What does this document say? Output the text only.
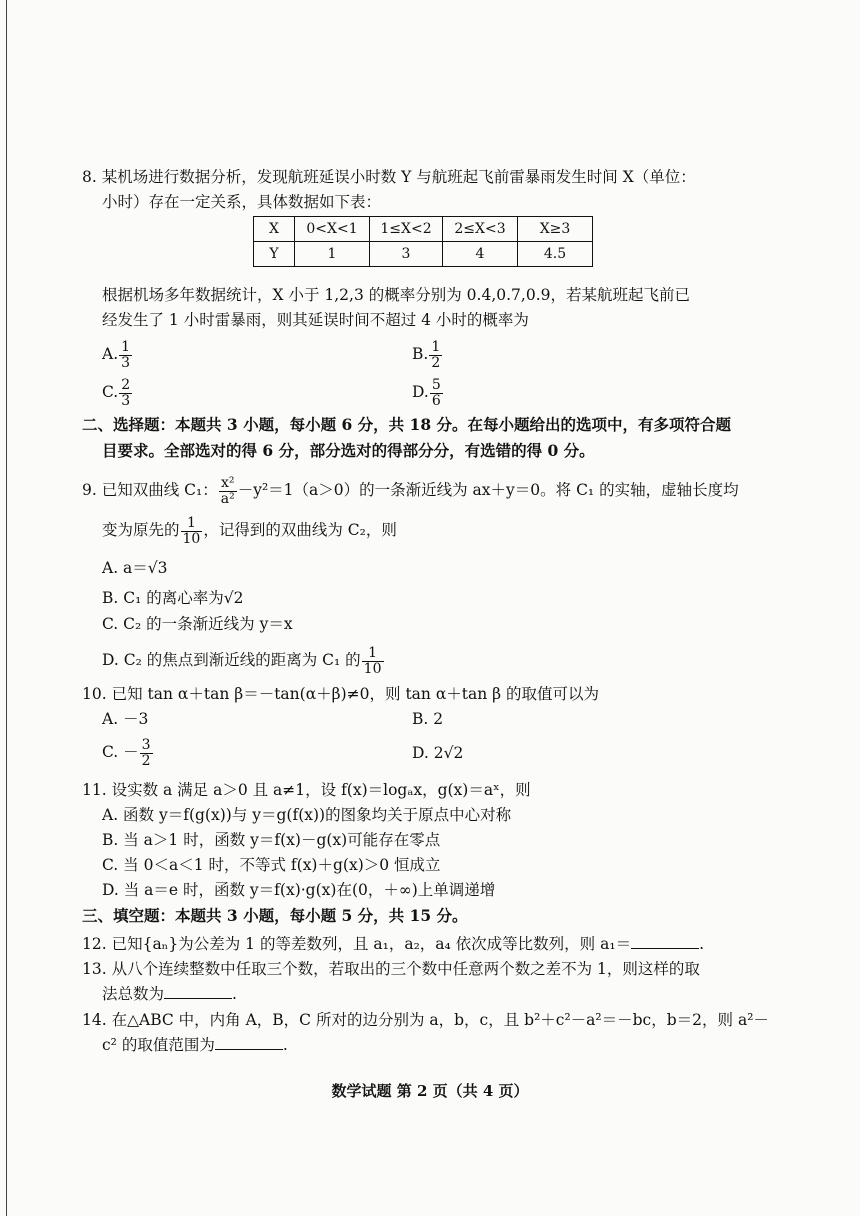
8. 某机场进行数据分析，发现航班延误小时数 Y 与航班起飞前雷暴雨发生时间 X（单位：
小时）存在一定关系，具体数据如下表：
X	0<X<1	1≤X<2	2≤X<3	X≥3
Y	1	3	4	4.5
根据机场多年数据统计，X 小于 1,2,3 的概率分别为 0.4,0.7,0.9，若某航班起飞前已
经发生了 1 小时雷暴雨，则其延误时间不超过 4 小时的概率为
A. $\frac{1}{3}$	B. $\frac{1}{2}$
C. $\frac{2}{3}$	D. $\frac{5}{6}$
二、选择题：本题共 3 小题，每小题 6 分，共 18 分。在每小题给出的选项中，有多项符合题
目要求。全部选对的得 6 分，部分选对的得部分分，有选错的得 0 分。
9. 已知双曲线 C₁： $\frac{\text{x²}}{\text{a²}} -y^2=1(a>0)$的一条渐近线为 ax＋y＝0。将 C₁ 的实轴，虚轴长度均
变为原先的 $\frac{1}{10}$ ，记得到的双曲线为 C₂，则
A. a＝√3
B. C₁ 的离心率为√2
C. C₂ 的一条渐近线为 y＝x
D. C₂ 的焦点到渐近线的距离为 C₁ 的 $\frac{1}{10}$
10. 已知 tan α＋tan β＝－tan(α＋β)≠0，则 tan α＋tan β 的取值可以为
A. －3	B. 2
C. － $\frac{3}{2}$	D. 2√2
11. 设实数 a 满足 a＞0 且 a≠1，设 f(x)＝logₐx，g(x)＝aˣ，则
A. 函数 y＝f(g(x))与 y＝g(f(x))的图象均关于原点中心对称
B. 当 a＞1 时，函数 y＝f(x)－g(x)可能存在零点
C. 当 0＜a＜1 时，不等式 f(x)＋g(x)＞0 恒成立
D. 当 a＝e 时，函数 y＝f(x)·g(x)在(0，＋∞)上单调递增
三、填空题：本题共 3 小题，每小题 5 分，共 15 分。
12. 已知{aₙ}为公差为 1 的等差数列，且 a₁，a₂，a₄ 依次成等比数列，则 a₁＝	.
13. 从八个连续整数中任取三个数，若取出的三个数中任意两个数之差不为 1，则这样的取
法总数为	.
14. 在△ABC 中，内角 A，B，C 所对的边分别为 a，b，c，且 b²＋c²－a²＝－bc，b＝2，则 a²－
c² 的取值范围为	.
数学试题 第 2 页（共 4 页）
